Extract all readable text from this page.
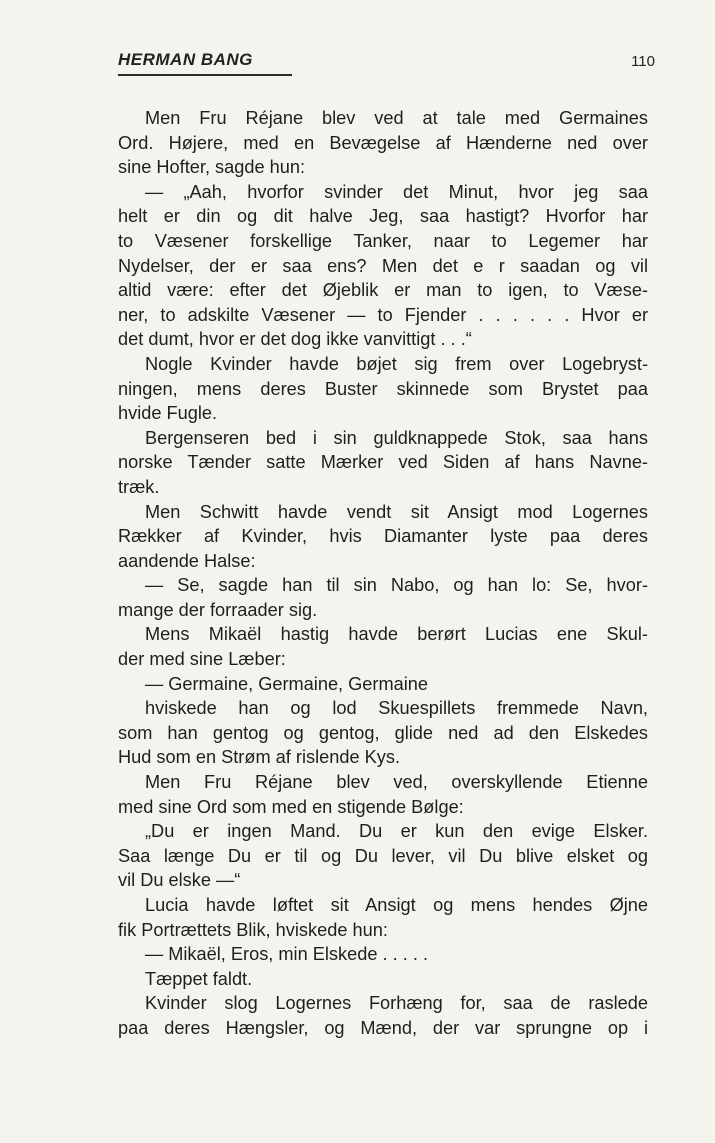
HERMAN BANG	110
Men Fru Réjane blev ved at tale med Germaines
Ord. Højere, med en Bevægelse af Hænderne ned over
sine Hofter, sagde hun:
— „Aah, hvorfor svinder det Minut, hvor jeg saa
helt er din og dit halve Jeg, saa hastigt? Hvorfor har
to Væsener forskellige Tanker, naar to Legemer har
Nydelser, der er saa ens? Men det e r saadan og vil
altid være: efter det Øjeblik er man to igen, to Væse-
ner, to adskilte Væsener — to Fjender . . . . . . Hvor er
det dumt, hvor er det dog ikke vanvittigt . . .“
Nogle Kvinder havde bøjet sig frem over Logebryst-
ningen, mens deres Buster skinnede som Brystet paa
hvide Fugle.
Bergenseren bed i sin guldknappede Stok, saa hans
norske Tænder satte Mærker ved Siden af hans Navne-
træk.
Men Schwitt havde vendt sit Ansigt mod Logernes
Rækker af Kvinder, hvis Diamanter lyste paa deres
aandende Halse:
— Se, sagde han til sin Nabo, og han lo: Se, hvor-
mange der forraader sig.
Mens Mikaël hastig havde berørt Lucias ene Skul-
der med sine Læber:
— Germaine, Germaine, Germaine
hviskede han og lod Skuespillets fremmede Navn,
som han gentog og gentog, glide ned ad den Elskedes
Hud som en Strøm af rislende Kys.
Men Fru Réjane blev ved, overskyllende Etienne
med sine Ord som med en stigende Bølge:
„Du er ingen Mand. Du er kun den evige Elsker.
Saa længe Du er til og Du lever, vil Du blive elsket og
vil Du elske —“
Lucia havde løftet sit Ansigt og mens hendes Øjne
fik Portrættets Blik, hviskede hun:
— Mikaël, Eros, min Elskede . . . . .
Tæppet faldt.
Kvinder slog Logernes Forhæng for, saa de raslede
paa deres Hængsler, og Mænd, der var sprungne op i
